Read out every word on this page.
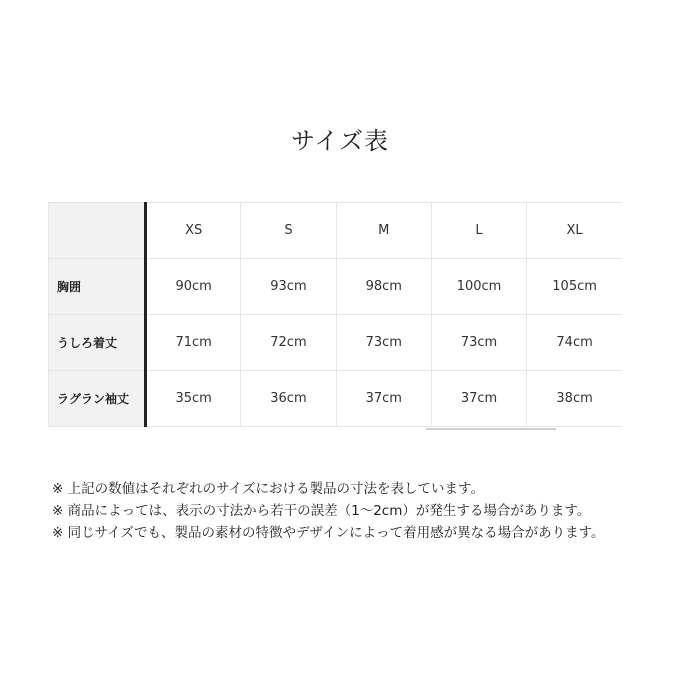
サイズ表
	XS	S	M	L	XL
胸囲	90cm	93cm	98cm	100cm	105cm
うしろ着丈	71cm	72cm	73cm	73cm	74cm
ラグラン袖丈	35cm	36cm	37cm	37cm	38cm

※ 上記の数値はそれぞれのサイズにおける製品の寸法を表しています。

※ 商品によっては、表示の寸法から若干の誤差（1〜2cm）が発生する場合があります。

※ 同じサイズでも、製品の素材の特徴やデザインによって着用感が異なる場合があります。
